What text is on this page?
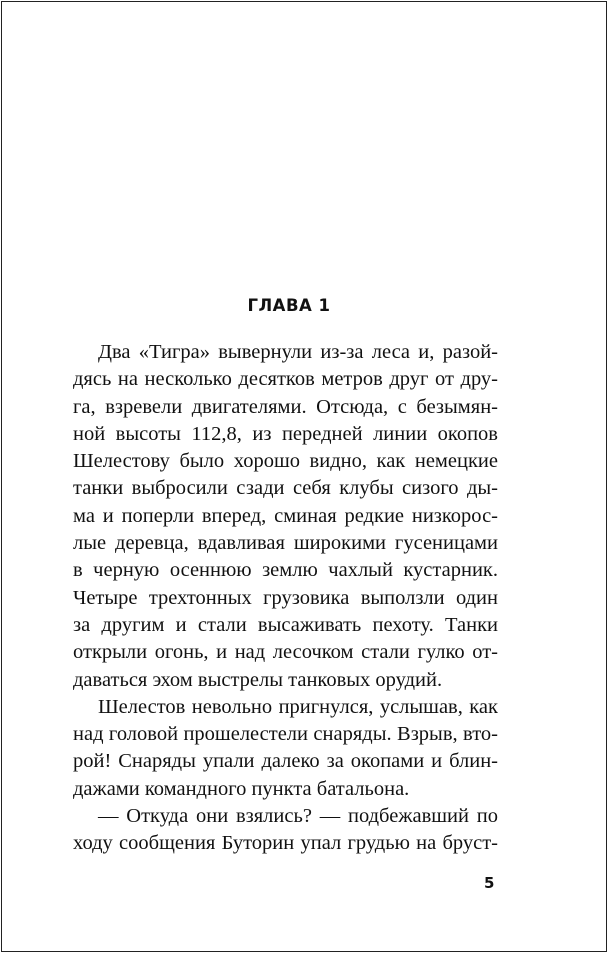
ГЛАВА 1
Два «Тигра» вывернули из-за леса и, разой-
дясь на несколько десятков метров друг от дру-
га, взревели двигателями. Отсюда, с безымян-
ной высоты 112,8, из передней линии окопов
Шелестову было хорошо видно, как немецкие
танки выбросили сзади себя клубы сизого ды-
ма и поперли вперед, сминая редкие низкорос-
лые деревца, вдавливая широкими гусеницами
в черную осеннюю землю чахлый кустарник.
Четыре трехтонных грузовика выползли один
за другим и стали высаживать пехоту. Танки
открыли огонь, и над лесочком стали гулко от-
даваться эхом выстрелы танковых орудий.
Шелестов невольно пригнулся, услышав, как
над головой прошелестели снаряды. Взрыв, вто-
рой! Снаряды упали далеко за окопами и блин-
дажами командного пункта батальона.
— Откуда они взялись? — подбежавший по
ходу сообщения Буторин упал грудью на бруст-
5
